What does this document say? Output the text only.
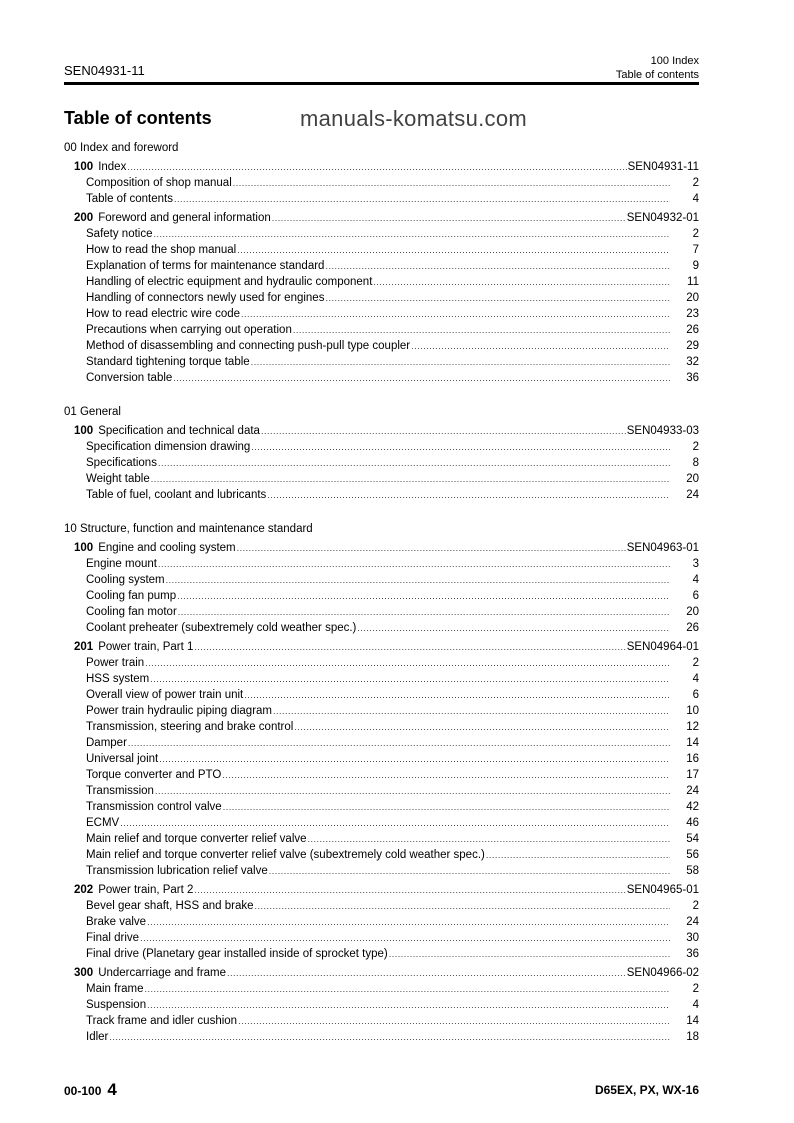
SEN04931-11
100 Index
Table of contents
Table of contents
00 Index and foreword
100 Index .....	SEN04931-11
Composition of shop manual .....	2
Table of contents .....	4
200 Foreword and general information .....	SEN04932-01
Safety notice .....	2
How to read the shop manual .....	7
Explanation of terms for maintenance standard .....	9
Handling of electric equipment and hydraulic component .....	11
Handling of connectors newly used for engines .....	20
How to read electric wire code .....	23
Precautions when carrying out operation .....	26
Method of disassembling and connecting push-pull type coupler .....	29
Standard tightening torque table .....	32
Conversion table .....	36
01 General
100 Specification and technical data .....	SEN04933-03
Specification dimension drawing .....	2
Specifications .....	8
Weight table .....	20
Table of fuel, coolant and lubricants .....	24
10 Structure, function and maintenance standard
100 Engine and cooling system .....	SEN04963-01
Engine mount .....	3
Cooling system .....	4
Cooling fan pump .....	6
Cooling fan motor .....	20
Coolant preheater (subextremely cold weather spec.) .....	26
201 Power train, Part 1 .....	SEN04964-01
Power train .....	2
HSS system .....	4
Overall view of power train unit .....	6
Power train hydraulic piping diagram .....	10
Transmission, steering and brake control .....	12
Damper .....	14
Universal joint .....	16
Torque converter and PTO .....	17
Transmission .....	24
Transmission control valve .....	42
ECMV .....	46
Main relief and torque converter relief valve .....	54
Main relief and torque converter relief valve (subextremely cold weather spec.) .....	56
Transmission lubrication relief valve .....	58
202 Power train, Part 2 .....	SEN04965-01
Bevel gear shaft, HSS and brake .....	2
Brake valve .....	24
Final drive .....	30
Final drive (Planetary gear installed inside of sprocket type) .....	36
300 Undercarriage and frame .....	SEN04966-02
Main frame .....	2
Suspension .....	4
Track frame and idler cushion .....	14
Idler .....	18
manuals-komatsu.com
00-100 4	D65EX, PX, WX-16
